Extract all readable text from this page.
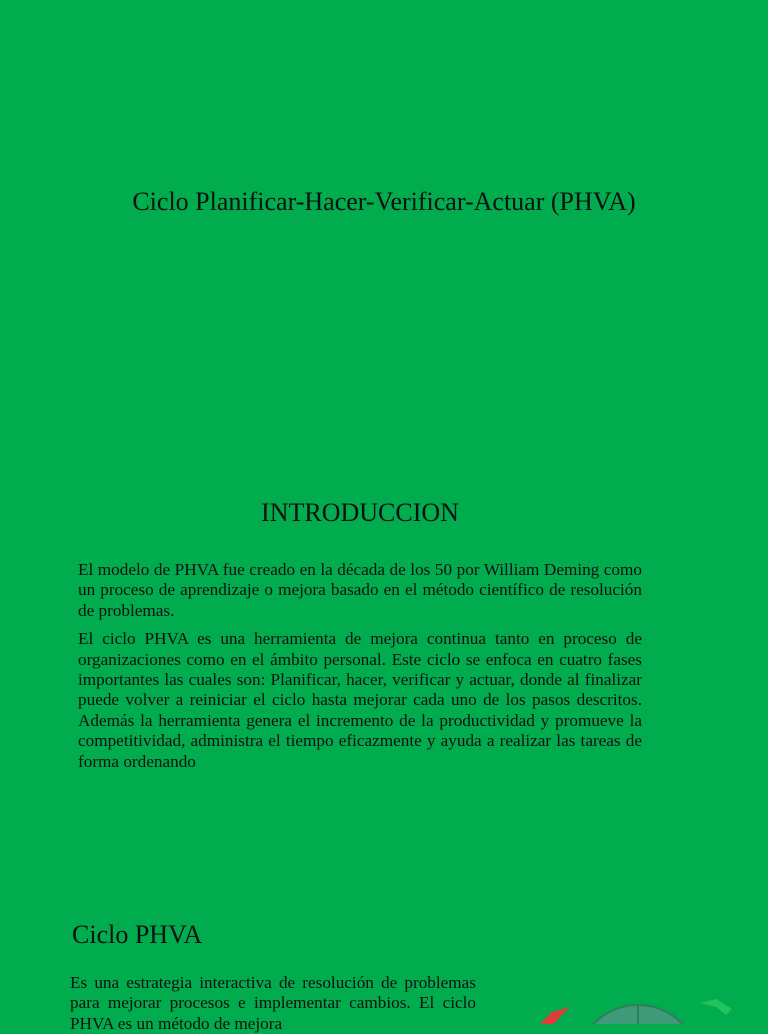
Ciclo Planificar-Hacer-Verificar-Actuar (PHVA)
INTRODUCCION

El modelo de PHVA fue creado en la década de los 50 por William Deming como un proceso de aprendizaje o mejora basado en el método científico de resolución de problemas.

El ciclo PHVA es una herramienta de mejora continua tanto en proceso de organizaciones como en el ámbito personal. Este ciclo se enfoca en cuatro fases importantes las cuales son: Planificar, hacer, verificar y actuar, donde al finalizar puede volver a reiniciar el ciclo hasta mejorar cada uno de los pasos descritos. Además la herramienta genera el incremento de la productividad y promueve la competitividad, administra el tiempo eficazmente y ayuda a realizar las tareas de forma ordenando

Ciclo PHVA

Es una estrategia interactiva de resolución de problemas para mejorar procesos e implementar cambios. El ciclo PHVA es un método de mejora
